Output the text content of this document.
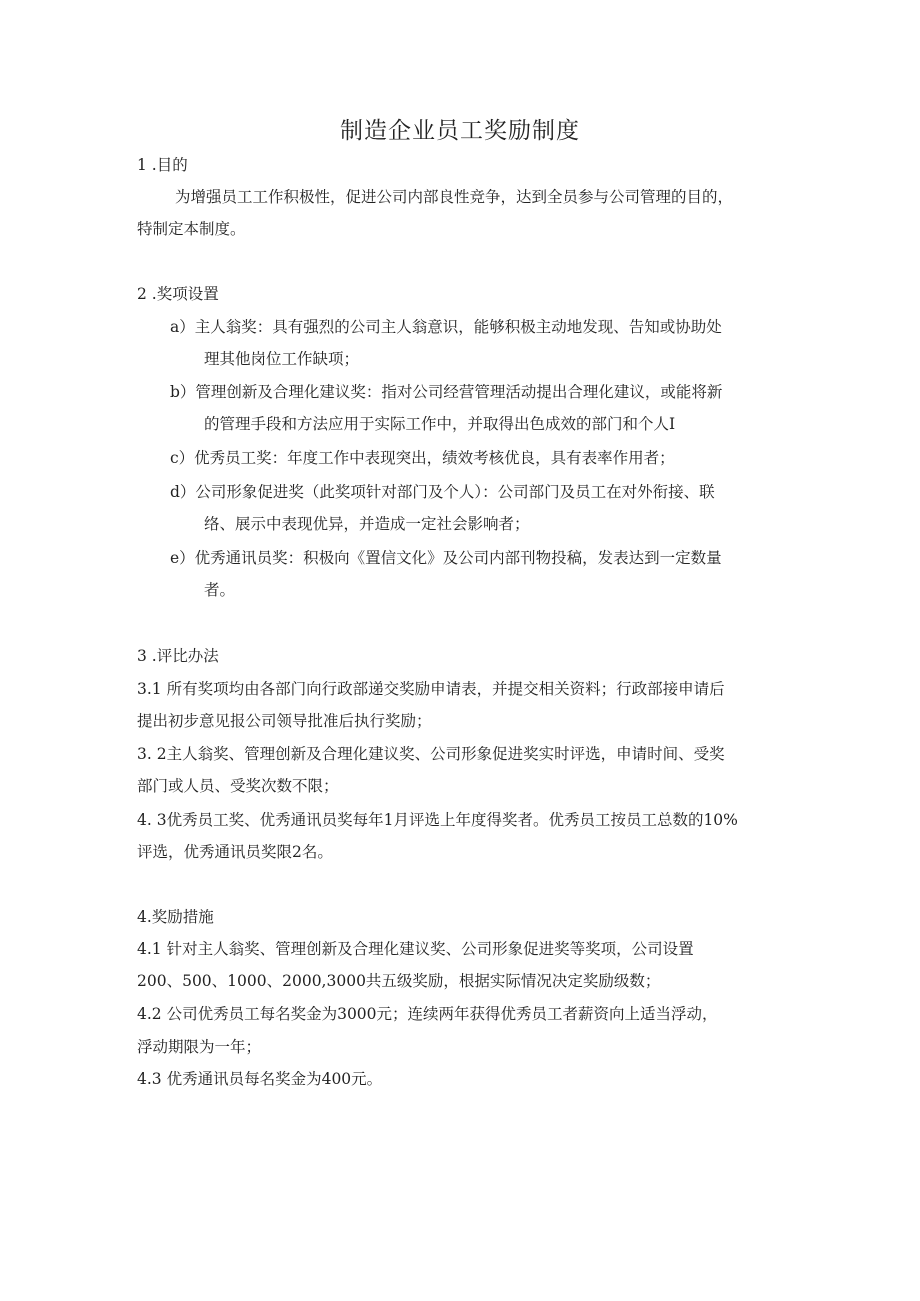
制造企业员工奖励制度
1 .目的
为增强员工工作积极性，促进公司内部良性竞争，达到全员参与公司管理的目的，
特制定本制度。
2 .奖项设置
a）主人翁奖：具有强烈的公司主人翁意识，能够积极主动地发现、告知或协助处
理其他岗位工作缺项；
b）管理创新及合理化建议奖：指对公司经营管理活动提出合理化建议，或能将新
的管理手段和方法应用于实际工作中，并取得出色成效的部门和个人I
c）优秀员工奖：年度工作中表现突出，绩效考核优良，具有表率作用者；
d）公司形象促进奖（此奖项针对部门及个人）：公司部门及员工在对外衔接、联
络、展示中表现优异，并造成一定社会影响者；
e）优秀通讯员奖：积极向《置信文化》及公司内部刊物投稿，发表达到一定数量
者。
3 .评比办法
3.1 所有奖项均由各部门向行政部递交奖励申请表，并提交相关资料；行政部接申请后
提出初步意见报公司领导批准后执行奖励；
3. 2主人翁奖、管理创新及合理化建议奖、公司形象促进奖实时评选，申请时间、受奖
部门或人员、受奖次数不限；
4. 3优秀员工奖、优秀通讯员奖每年1月评选上年度得奖者。优秀员工按员工总数的10%
评选，优秀通讯员奖限2名。
4.奖励措施
4.1 针对主人翁奖、管理创新及合理化建议奖、公司形象促进奖等奖项，公司设置
200、500、1000、2000,3000共五级奖励，根据实际情况决定奖励级数；
4.2 公司优秀员工每名奖金为3000元；连续两年获得优秀员工者薪资向上适当浮动，
浮动期限为一年；
4.3 优秀通讯员每名奖金为400元。
